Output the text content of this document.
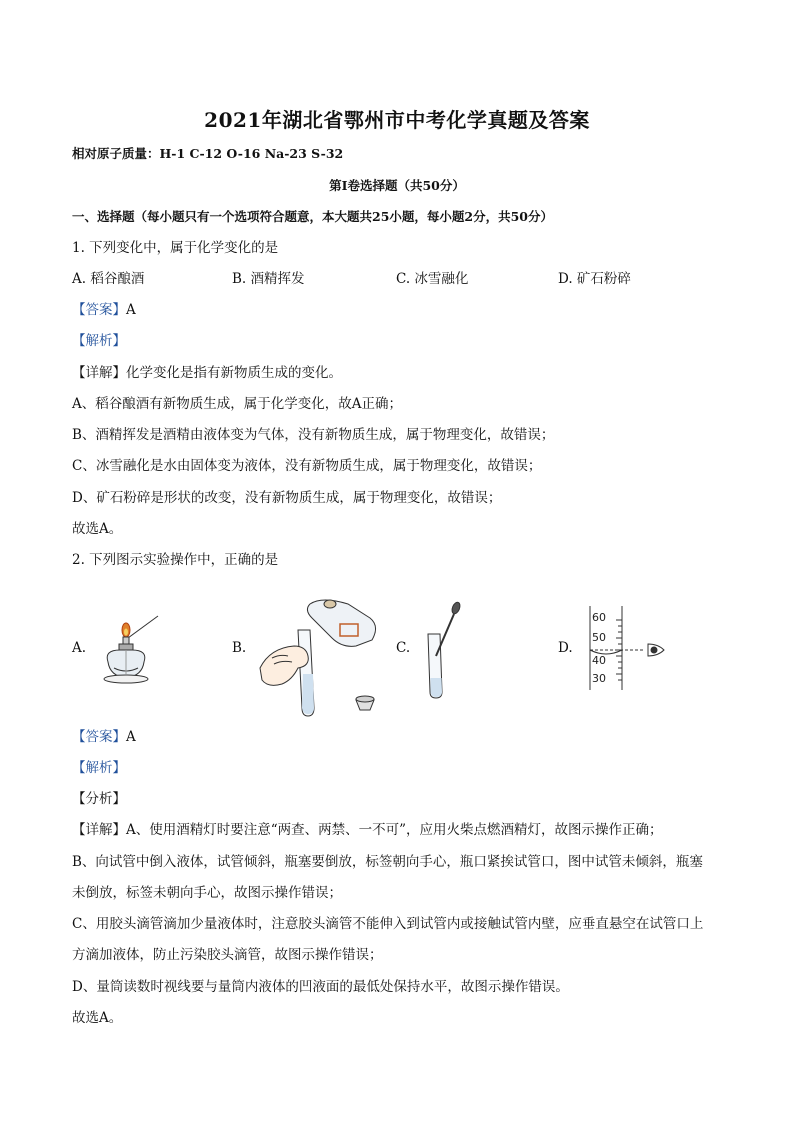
2021年湖北省鄂州市中考化学真题及答案
相对原子质量：H-1 C-12 O-16 Na-23 S-32
第Ⅰ卷选择题（共50分）
一、选择题（每小题只有一个选项符合题意，本大题共25小题，每小题2分，共50分）
1. 下列变化中，属于化学变化的是
A. 稻谷酿酒	B. 酒精挥发	C. 冰雪融化	D. 矿石粉碎
【答案】A
【解析】
【详解】化学变化是指有新物质生成的变化。
A、稻谷酿酒有新物质生成，属于化学变化，故A正确；
B、酒精挥发是酒精由液体变为气体，没有新物质生成，属于物理变化，故错误；
C、冰雪融化是水由固体变为液体，没有新物质生成，属于物理变化，故错误；
D、矿石粉碎是形状的改变，没有新物质生成，属于物理变化，故错误；
故选A。
2. 下列图示实验操作中，正确的是
A.	B.	C.	D.
60
50
40
30
【答案】A
【解析】
【分析】
【详解】A、使用酒精灯时要注意“两查、两禁、一不可”，应用火柴点燃酒精灯，故图示操作正确；
B、向试管中倒入液体，试管倾斜，瓶塞要倒放，标签朝向手心，瓶口紧挨试管口，图中试管未倾斜，瓶塞
未倒放，标签未朝向手心，故图示操作错误；
C、用胶头滴管滴加少量液体时，注意胶头滴管不能伸入到试管内或接触试管内壁，应垂直悬空在试管口上
方滴加液体，防止污染胶头滴管，故图示操作错误；
D、量筒读数时视线要与量筒内液体的凹液面的最低处保持水平，故图示操作错误。
故选A。
